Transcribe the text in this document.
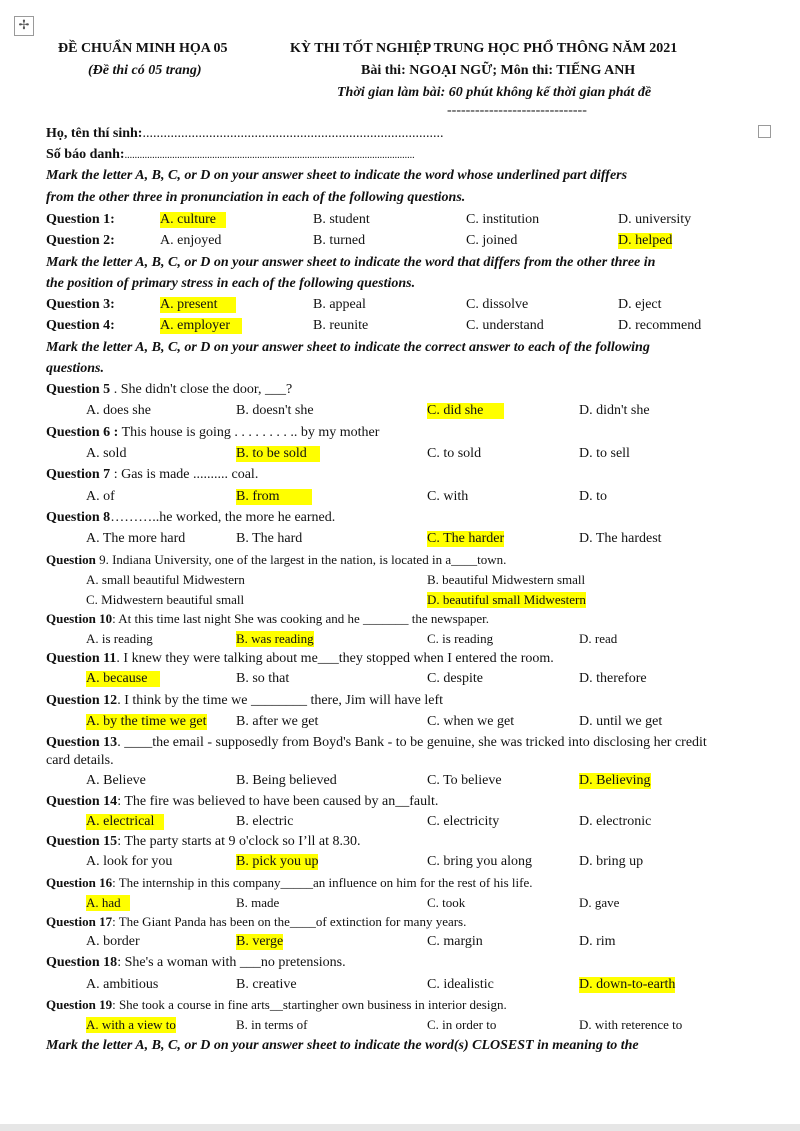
✢
ĐỀ CHUẨN MINH HỌA 05
(Đề thi có 05 trang)
KỲ THI TỐT NGHIỆP TRUNG HỌC PHỔ THÔNG NĂM 2021
Bài thi: NGOẠI NGỮ; Môn thi: TIẾNG ANH
Thời gian làm bài: 60 phút không kể thời gian phát đề
------------------------------
Họ, tên thí sinh:......................................................................................
Số báo danh:....................................................................................................................
Mark the letter A, B, C, or D on your answer sheet to indicate the word whose underlined part differs
from the other three in pronunciation in each of the following questions.
Question 1:	A. culture	B. student	C. institution	D. university
Question 2:	A. enjoyed	B. turned	C. joined	D. helped
Mark the letter A, B, C, or D on your answer sheet to indicate the word that differs from the other three in
the position of primary stress in each of the following questions.
Question 3:	A. present	B. appeal	C. dissolve	D. eject
Question 4:	A. employer	B. reunite	C. understand	D. recommend
Mark the letter A, B, C, or D on your answer sheet to indicate the correct answer to each of the following
questions.
Question 5 . She didn't close the door, ___?
A. does she	B. doesn't she	C. did she	D. didn't she
Question 6 : This house is going . . . . . . . . .. by my mother
A. sold	B. to be sold	C. to sold	D. to sell
Question 7 : Gas is made .......... coal.
A. of	B. from	C. with	D. to
Question 8………..he worked, the more he earned.
A. The more hard	B. The hard	C. The harder	D. The hardest
Question 9. Indiana University, one of the largest in the nation, is located in a____town.
A. small beautiful Midwestern	B. beautiful Midwestern small
C. Midwestern beautiful small	D. beautiful small Midwestern
Question 10: At this time last night She was cooking and he _______ the newspaper.
A. is reading	B. was reading	C. is reading	D. read
Question 11. I knew they were talking about me___they stopped when I entered the room.
A. because	B. so that	C. despite	D. therefore
Question 12. I think by the time we ________ there, Jim will have left
A. by the time we get B. after we get	C. when we get	D. until we get
Question 13. ____the email - supposedly from Boyd's Bank - to be genuine, she was tricked into disclosing her credit
card details.
A. Believe	B. Being believed	C. To believe	D. Believing
Question 14: The fire was believed to have been caused by an__fault.
A. electrical	B. electric	C. electricity	D. electronic
Question 15: The party starts at 9 o'clock so I’ll at 8.30.
A. look for you	B. pick you up	C. bring you along	D. bring up
Question 16: The internship in this company_____an influence on him for the rest of his life.
A. had	B. made	C. took	D. gave
Question 17: The Giant Panda has been on the____of extinction for many years.
A. border	B. verge	C. margin	D. rim
Question 18: She's a woman with ___no pretensions.
A. ambitious	B. creative	C. idealistic	D. down-to-earth
Question 19: She took a course in fine arts__startingher own business in interior design.
A. with a view to	B. in terms of	C. in order to	D. with reterence to
Mark the letter A, B, C, or D on your answer sheet to indicate the word(s) CLOSEST in meaning to the
